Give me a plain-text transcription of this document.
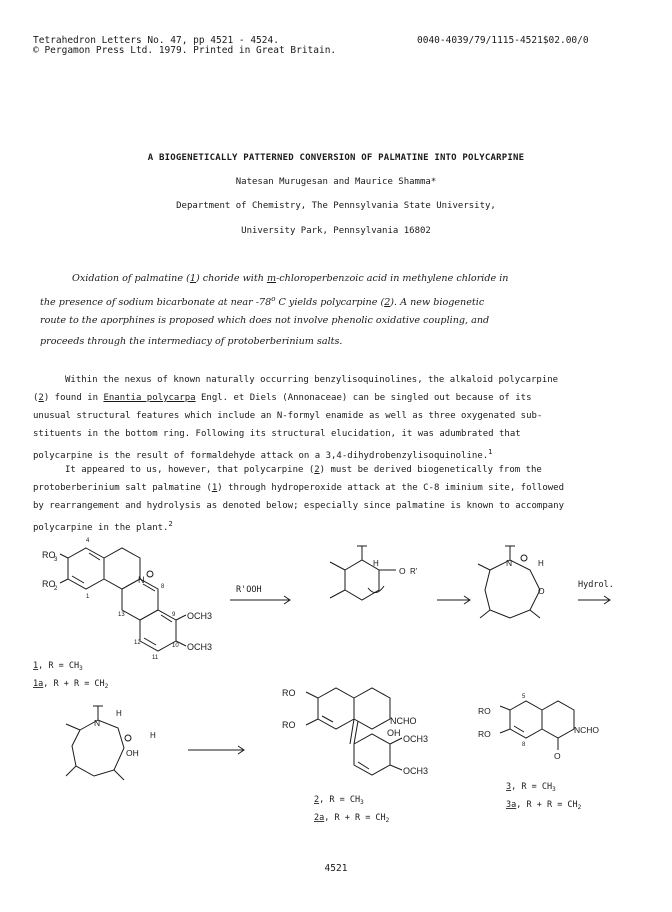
Tetrahedron Letters No. 47, pp 4521 - 4524.
© Pergamon Press Ltd. 1979. Printed in Great Britain.
0040-4039/79/1115-4521$02.00/0
A BIOGENETICALLY PATTERNED CONVERSION OF PALMATINE INTO POLYCARPINE
Natesan Murugesan and Maurice Shamma*
Department of Chemistry, The Pennsylvania State University,
University Park, Pennsylvania 16802
Oxidation of palmatine (1) choride with m-chloroperbenzoic acid in methylene chloride in
the presence of sodium bicarbonate at near -78$^o$ C yields polycarpine (2). A new biogenetic
route to the aporphines is proposed which does not involve phenolic oxidative coupling, and
proceeds through the intermediacy of protoberberinium salts.
Within the nexus of known naturally occurring benzylisoquinolines, the alkaloid polycarpine
(2) found in Enantia polycarpa Engl. et Diels (Annonaceae) can be singled out because of its
unusual structural features which include an N-formyl enamide as well as three oxygenated sub-
stituents in the bottom ring. Following its structural elucidation, it was adumbrated that
polycarpine is the result of formaldehyde attack on a 3,4-dihydrobenzylisoquinoline.$^1$
It appeared to us, however, that polycarpine (2) must be derived biogenetically from the
protoberberinium salt palmatine (1) through hydroperoxide attack at the C-8 iminium site, followed
by rearrangement and hydrolysis as denoted below; especially since palmatine is known to accompany
polycarpine in the plant.$^2$
RO
3
RO
2
4
1
N
8
13	9 OCH3
10 OCH3
12
11
R'OOH
H
O R'
N	H
O
Hydrol.
1, $R = CH_3$
1a, $R + R = CH_2$
N
OH
H
H
RO
RO	NCHO
OH
OCH3
OCH3
2, $R = CH_3$
2a, $R + R = CH_2$
RO
RO
5
8
NCHO
O
3, $R = CH_3$
3a, $R + R = CH_2$
4521
